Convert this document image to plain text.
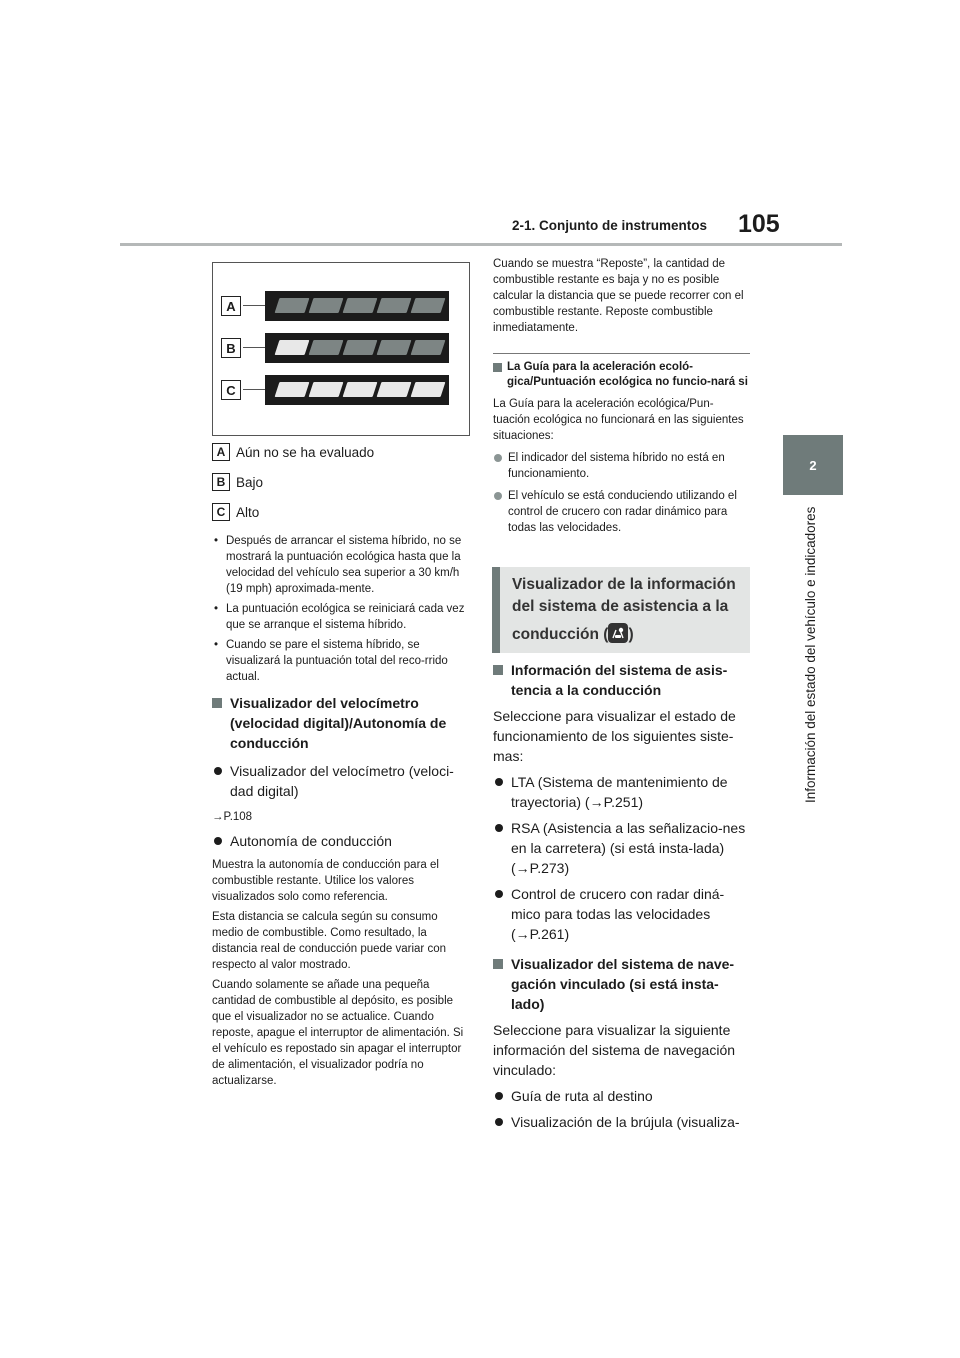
2-1. Conjunto de instrumentos 105
2
Información del estado del vehículo e indicadores
A
B
C
A Aún no se ha evaluado
B Bajo
C Alto

• Después de arrancar el sistema híbrido, no se mostrará la puntuación ecológica hasta que la velocidad del vehículo sea superior a 30 km/h (19 mph) aproximada-mente.

• La puntuación ecológica se reiniciará cada vez que se arranque el sistema híbrido.

• Cuando se pare el sistema híbrido, se visualizará la puntuación total del reco-rrido actual.

Visualizador del velocímetro (velocidad digital)/Autonomía de conducción

Visualizador del velocímetro (veloci-dad digital)

→P.108

Autonomía de conducción

Muestra la autonomía de conducción para el combustible restante. Utilice los valores visualizados solo como referencia.

Esta distancia se calcula según su consumo medio de combustible. Como resultado, la distancia real de conducción puede variar con respecto al valor mostrado.

Cuando solamente se añade una pequeña cantidad de combustible al depósito, es posible que el visualizador no se actualice. Cuando reposte, apague el interruptor de alimentación. Si el vehículo es repostado sin apagar el interruptor de alimentación, el visualizador podría no actualizarse.

Cuando se muestra “Reposte”, la cantidad de combustible restante es baja y no es posible calcular la distancia que se puede recorrer con el combustible restante. Reposte combustible inmediatamente.

La Guía para la aceleración ecoló-gica/Puntuación ecológica no funcio-nará si

La Guía para la aceleración ecológica/Pun-tuación ecológica no funcionará en las siguientes situaciones:

El indicador del sistema híbrido no está en funcionamiento.

El vehículo se está conduciendo utilizando el control de crucero con radar dinámico para todas las velocidades.

Visualizador de la información
del sistema de asistencia a la
conducción ( )

Información del sistema de asis-tencia a la conducción

Seleccione para visualizar el estado de funcionamiento de los siguientes siste-mas:

LTA (Sistema de mantenimiento de trayectoria) (→P.251)

RSA (Asistencia a las señalizacio-nes en la carretera) (si está insta-lada) (→P.273)

Control de crucero con radar diná-mico para todas las velocidades (→P.261)

Visualizador del sistema de nave-gación vinculado (si está insta-lado)

Seleccione para visualizar la siguiente información del sistema de navegación vinculado:

Guía de ruta al destino

Visualización de la brújula (visualiza-
